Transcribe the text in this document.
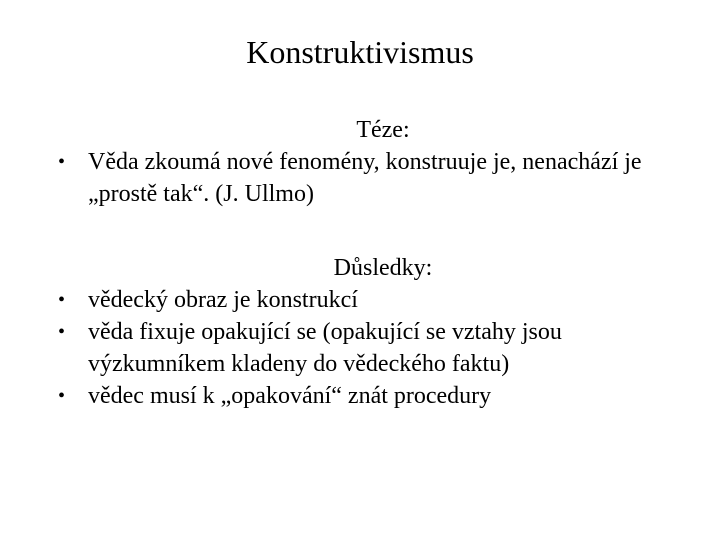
Konstruktivismus
Téze:
• Věda zkoumá nové fenomény, konstruuje je, nenachází je „prostě tak“. (J. Ullmo)
Důsledky:
• vědecký obraz je konstrukcí
• věda fixuje opakující se (opakující se vztahy jsou výzkumníkem kladeny do vědeckého faktu)
• vědec musí k „opakování“ znát procedury
